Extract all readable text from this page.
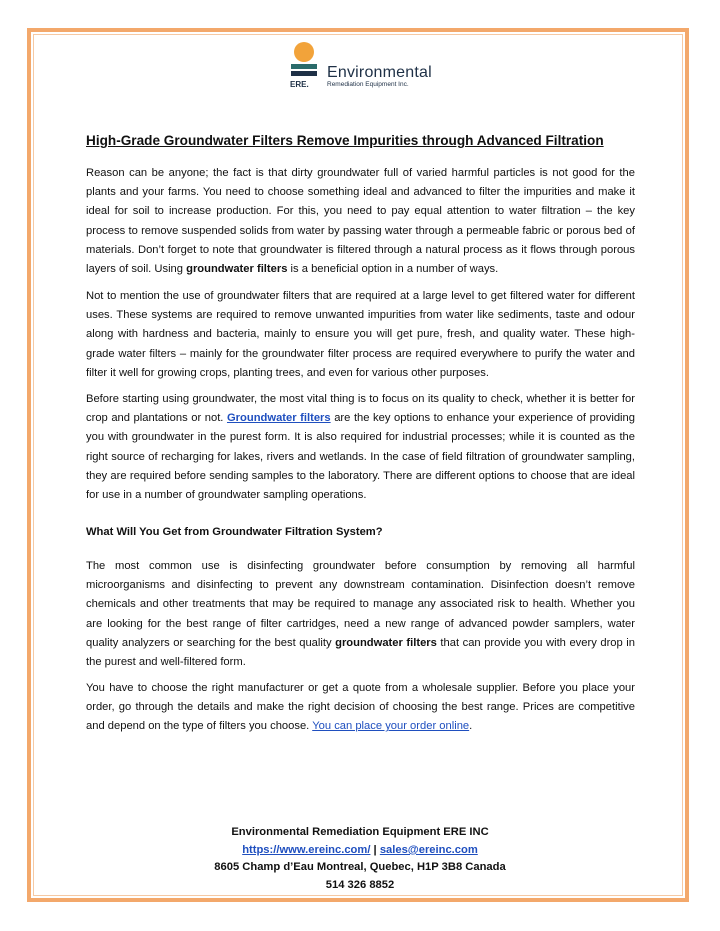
ERE.
Environmental
Remediation Equipment Inc.
High-Grade Groundwater Filters Remove Impurities through Advanced Filtration
Reason can be anyone; the fact is that dirty groundwater full of varied harmful particles is not good for the plants and your farms. You need to choose something ideal and advanced to filter the impurities and make it ideal for soil to increase production. For this, you need to pay equal attention to water filtration – the key process to remove suspended solids from water by passing water through a permeable fabric or porous bed of materials. Don’t forget to note that groundwater is filtered through a natural process as it flows through porous layers of soil. Using groundwater filters is a beneficial option in a number of ways.
Not to mention the use of groundwater filters that are required at a large level to get filtered water for different uses. These systems are required to remove unwanted impurities from water like sediments, taste and odour along with hardness and bacteria, mainly to ensure you will get pure, fresh, and quality water. These high-grade water filters – mainly for the groundwater filter process are required everywhere to purify the water and filter it well for growing crops, planting trees, and even for various other purposes.
Before starting using groundwater, the most vital thing is to focus on its quality to check, whether it is better for crop and plantations or not. Groundwater filters are the key options to enhance your experience of providing you with groundwater in the purest form. It is also required for industrial processes; while it is counted as the right source of recharging for lakes, rivers and wetlands. In the case of field filtration of groundwater sampling, they are required before sending samples to the laboratory. There are different options to choose that are ideal for use in a number of groundwater sampling operations.
What Will You Get from Groundwater Filtration System?
The most common use is disinfecting groundwater before consumption by removing all harmful microorganisms and disinfecting to prevent any downstream contamination. Disinfection doesn’t remove chemicals and other treatments that may be required to manage any associated risk to health. Whether you are looking for the best range of filter cartridges, need a new range of advanced powder samplers, water quality analyzers or searching for the best quality groundwater filters that can provide you with every drop in the purest and well-filtered form.
You have to choose the right manufacturer or get a quote from a wholesale supplier. Before you place your order, go through the details and make the right decision of choosing the best range. Prices are competitive and depend on the type of filters you choose. You can place your order online.
Environmental Remediation Equipment ERE INC
https://www.ereinc.com/ | sales@ereinc.com
8605 Champ d’Eau Montreal, Quebec, H1P 3B8 Canada
514 326 8852
